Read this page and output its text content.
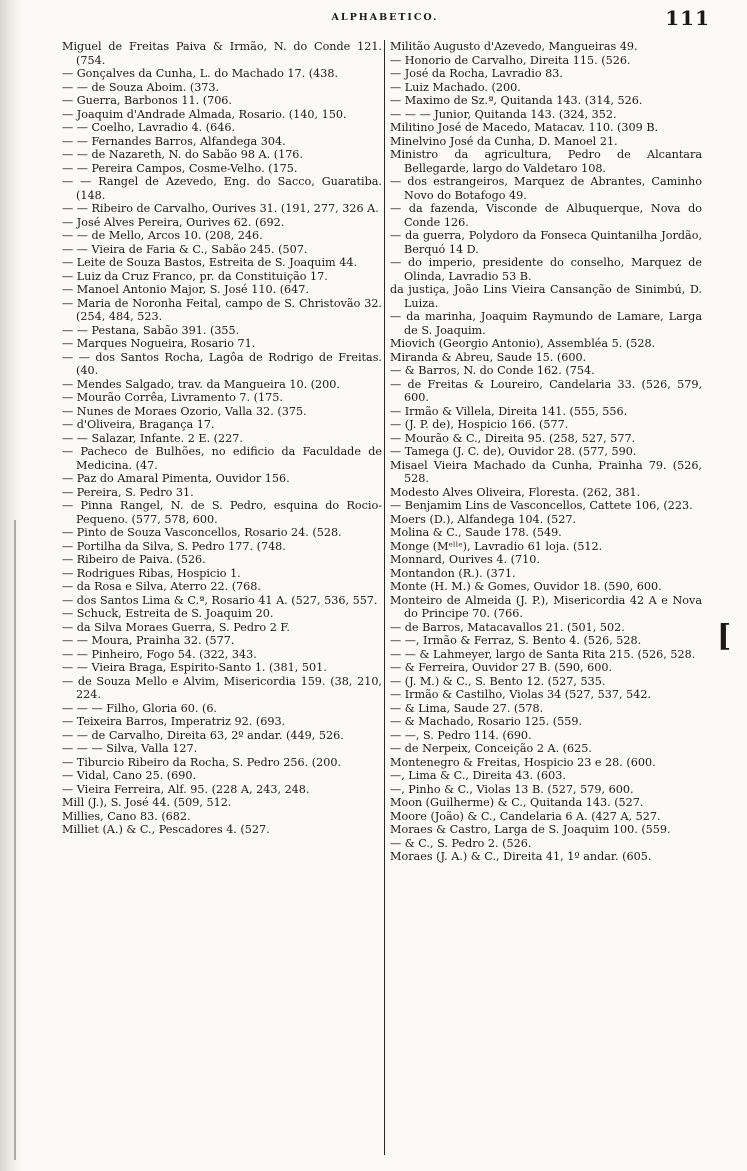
ALPHABETICO.	111
Miguel de Freitas Paiva & Irmão, N. do Conde 121. (754.
— Gonçalves da Cunha, L. do Machado 17. (438.
— — de Souza Aboim. (373.
— Guerra, Barbonos 11. (706.
— Joaquim d'Andrade Almada, Rosario. (140, 150.
— — Coelho, Lavradio 4. (646.
— — Fernandes Barros, Alfandega 304.
— — de Nazareth, N. do Sabão 98 A. (176.
— — Pereira Campos, Cosme-Velho. (175.
— — Rangel de Azevedo, Eng. do Sacco, Guaratiba. (148.
— — Ribeiro de Carvalho, Ourives 31. (191, 277, 326 A.
— José Alves Pereira, Ourives 62. (692.
— — de Mello, Arcos 10. (208, 246.
— — Vieira de Faria & C., Sabão 245. (507.
— Leite de Souza Bastos, Estreita de S. Joaquim 44.
— Luiz da Cruz Franco, pr. da Constituição 17.
— Manoel Antonio Major, S. José 110. (647.
— Maria de Noronha Feital, campo de S. Christovão 32. (254, 484, 523.
— — Pestana, Sabão 391. (355.
— Marques Nogueira, Rosario 71.
— — dos Santos Rocha, Lagôa de Rodrigo de Freitas. (40.
— Mendes Salgado, trav. da Mangueira 10. (200.
— Mourão Corrêa, Livramento 7. (175.
— Nunes de Moraes Ozorio, Valla 32. (375.
— d'Oliveira, Bragança 17.
— — Salazar, Infante. 2 E. (227.
— Pacheco de Bulhões, no edificio da Faculdade de Medicina. (47.
— Paz do Amaral Pimenta, Ouvidor 156.
— Pereira, S. Pedro 31.
— Pinna Rangel, N. de S. Pedro, esquina do Rocio-Pequeno. (577, 578, 600.
— Pinto de Souza Vasconcellos, Rosario 24. (528.
— Portilha da Silva, S. Pedro 177. (748.
— Ribeiro de Paiva. (526.
— Rodrigues Ribas, Hospicio 1.
— da Rosa e Silva, Aterro 22. (768.
— dos Santos Lima & C.ª, Rosario 41 A. (527, 536, 557.
— Schuck, Estreita de S. Joaquim 20.
— da Silva Moraes Guerra, S. Pedro 2 F.
— — Moura, Prainha 32. (577.
— — Pinheiro, Fogo 54. (322, 343.
— — Vieira Braga, Espirito-Santo 1. (381, 501.
— de Souza Mello e Alvim, Misericordia 159. (38, 210, 224.
— — — Filho, Gloria 60. (6.
— Teixeira Barros, Imperatriz 92. (693.
— — de Carvalho, Direita 63, 2º andar. (449, 526.
— — — Silva, Valla 127.
— Tiburcio Ribeiro da Rocha, S. Pedro 256. (200.
— Vidal, Cano 25. (690.
— Vieira Ferreira, Alf. 95. (228 A, 243, 248.
Mill (J.), S. José 44. (509, 512.
Millies, Cano 83. (682.
Milliet (A.) & C., Pescadores 4. (527.
Militão Augusto d'Azevedo, Mangueiras 49.
— Honorio de Carvalho, Direita 115. (526.
— José da Rocha, Lavradio 83.
— Luiz Machado. (200.
— Maximo de Sz.ª, Quitanda 143. (314, 526.
— — — Junior, Quitanda 143. (324, 352.
Militino José de Macedo, Matacav. 110. (309 B.
Minelvino José da Cunha, D. Manoel 21.
Ministro da agricultura, Pedro de Alcantara Bellegarde, largo do Valdetaro 108.
— dos estrangeiros, Marquez de Abrantes, Caminho Novo do Botafogo 49.
— da fazenda, Visconde de Albuquerque, Nova do Conde 126.
— da guerra, Polydoro da Fonseca Quintanilha Jordão, Berquó 14 D.
— do imperio, presidente do conselho, Marquez de Olinda, Lavradio 53 B.
da justiça, João Lins Vieira Cansanção de Sinimbú, D. Luiza.
— da marinha, Joaquim Raymundo de Lamare, Larga de S. Joaquim.
Miovich (Georgio Antonio), Assembléa 5. (528.
Miranda & Abreu, Saude 15. (600.
— & Barros, N. do Conde 162. (754.
— de Freitas & Loureiro, Candelaria 33. (526, 579, 600.
— Irmão & Villela, Direita 141. (555, 556.
— (J. P. de), Hospicio 166. (577.
— Mourão & C., Direita 95. (258, 527, 577.
— Tamega (J. C. de), Ouvidor 28. (577, 590.
Misael Vieira Machado da Cunha, Prainha 79. (526, 528.
Modesto Alves Oliveira, Floresta. (262, 381.
— Benjamim Lins de Vasconcellos, Cattete 106, (223.
Moers (D.), Alfandega 104. (527.
Molina & C., Saude 178. (549.
Monge (Mᵉˡˡᵉ), Lavradio 61 loja. (512.
Monnard, Ourives 4. (710.
Montandon (R.). (371.
Monte (H. M.) & Gomes, Ouvidor 18. (590, 600.
Monteiro de Almeida (J. P.), Misericordia 42 A e Nova do Principe 70. (766.
— de Barros, Matacavallos 21. (501, 502.
— —, Irmão & Ferraz, S. Bento 4. (526, 528.
— — & Lahmeyer, largo de Santa Rita 215. (526, 528.
— & Ferreira, Ouvidor 27 B. (590, 600.
— (J. M.) & C., S. Bento 12. (527, 535.
— Irmão & Castilho, Violas 34 (527, 537, 542.
— & Lima, Saude 27. (578.
— & Machado, Rosario 125. (559.
— —, S. Pedro 114. (690.
— de Nerpeix, Conceição 2 A. (625.
Montenegro & Freitas, Hospicio 23 e 28. (600.
—, Lima & C., Direita 43. (603.
—, Pinho & C., Violas 13 B. (527, 579, 600.
Moon (Guilherme) & C., Quitanda 143. (527.
Moore (João) & C., Candelaria 6 A. (427 A, 527.
Moraes & Castro, Larga de S. Joaquim 100. (559.
— & C., S. Pedro 2. (526.
Moraes (J. A.) & C., Direita 41, 1º andar. (605.
[
